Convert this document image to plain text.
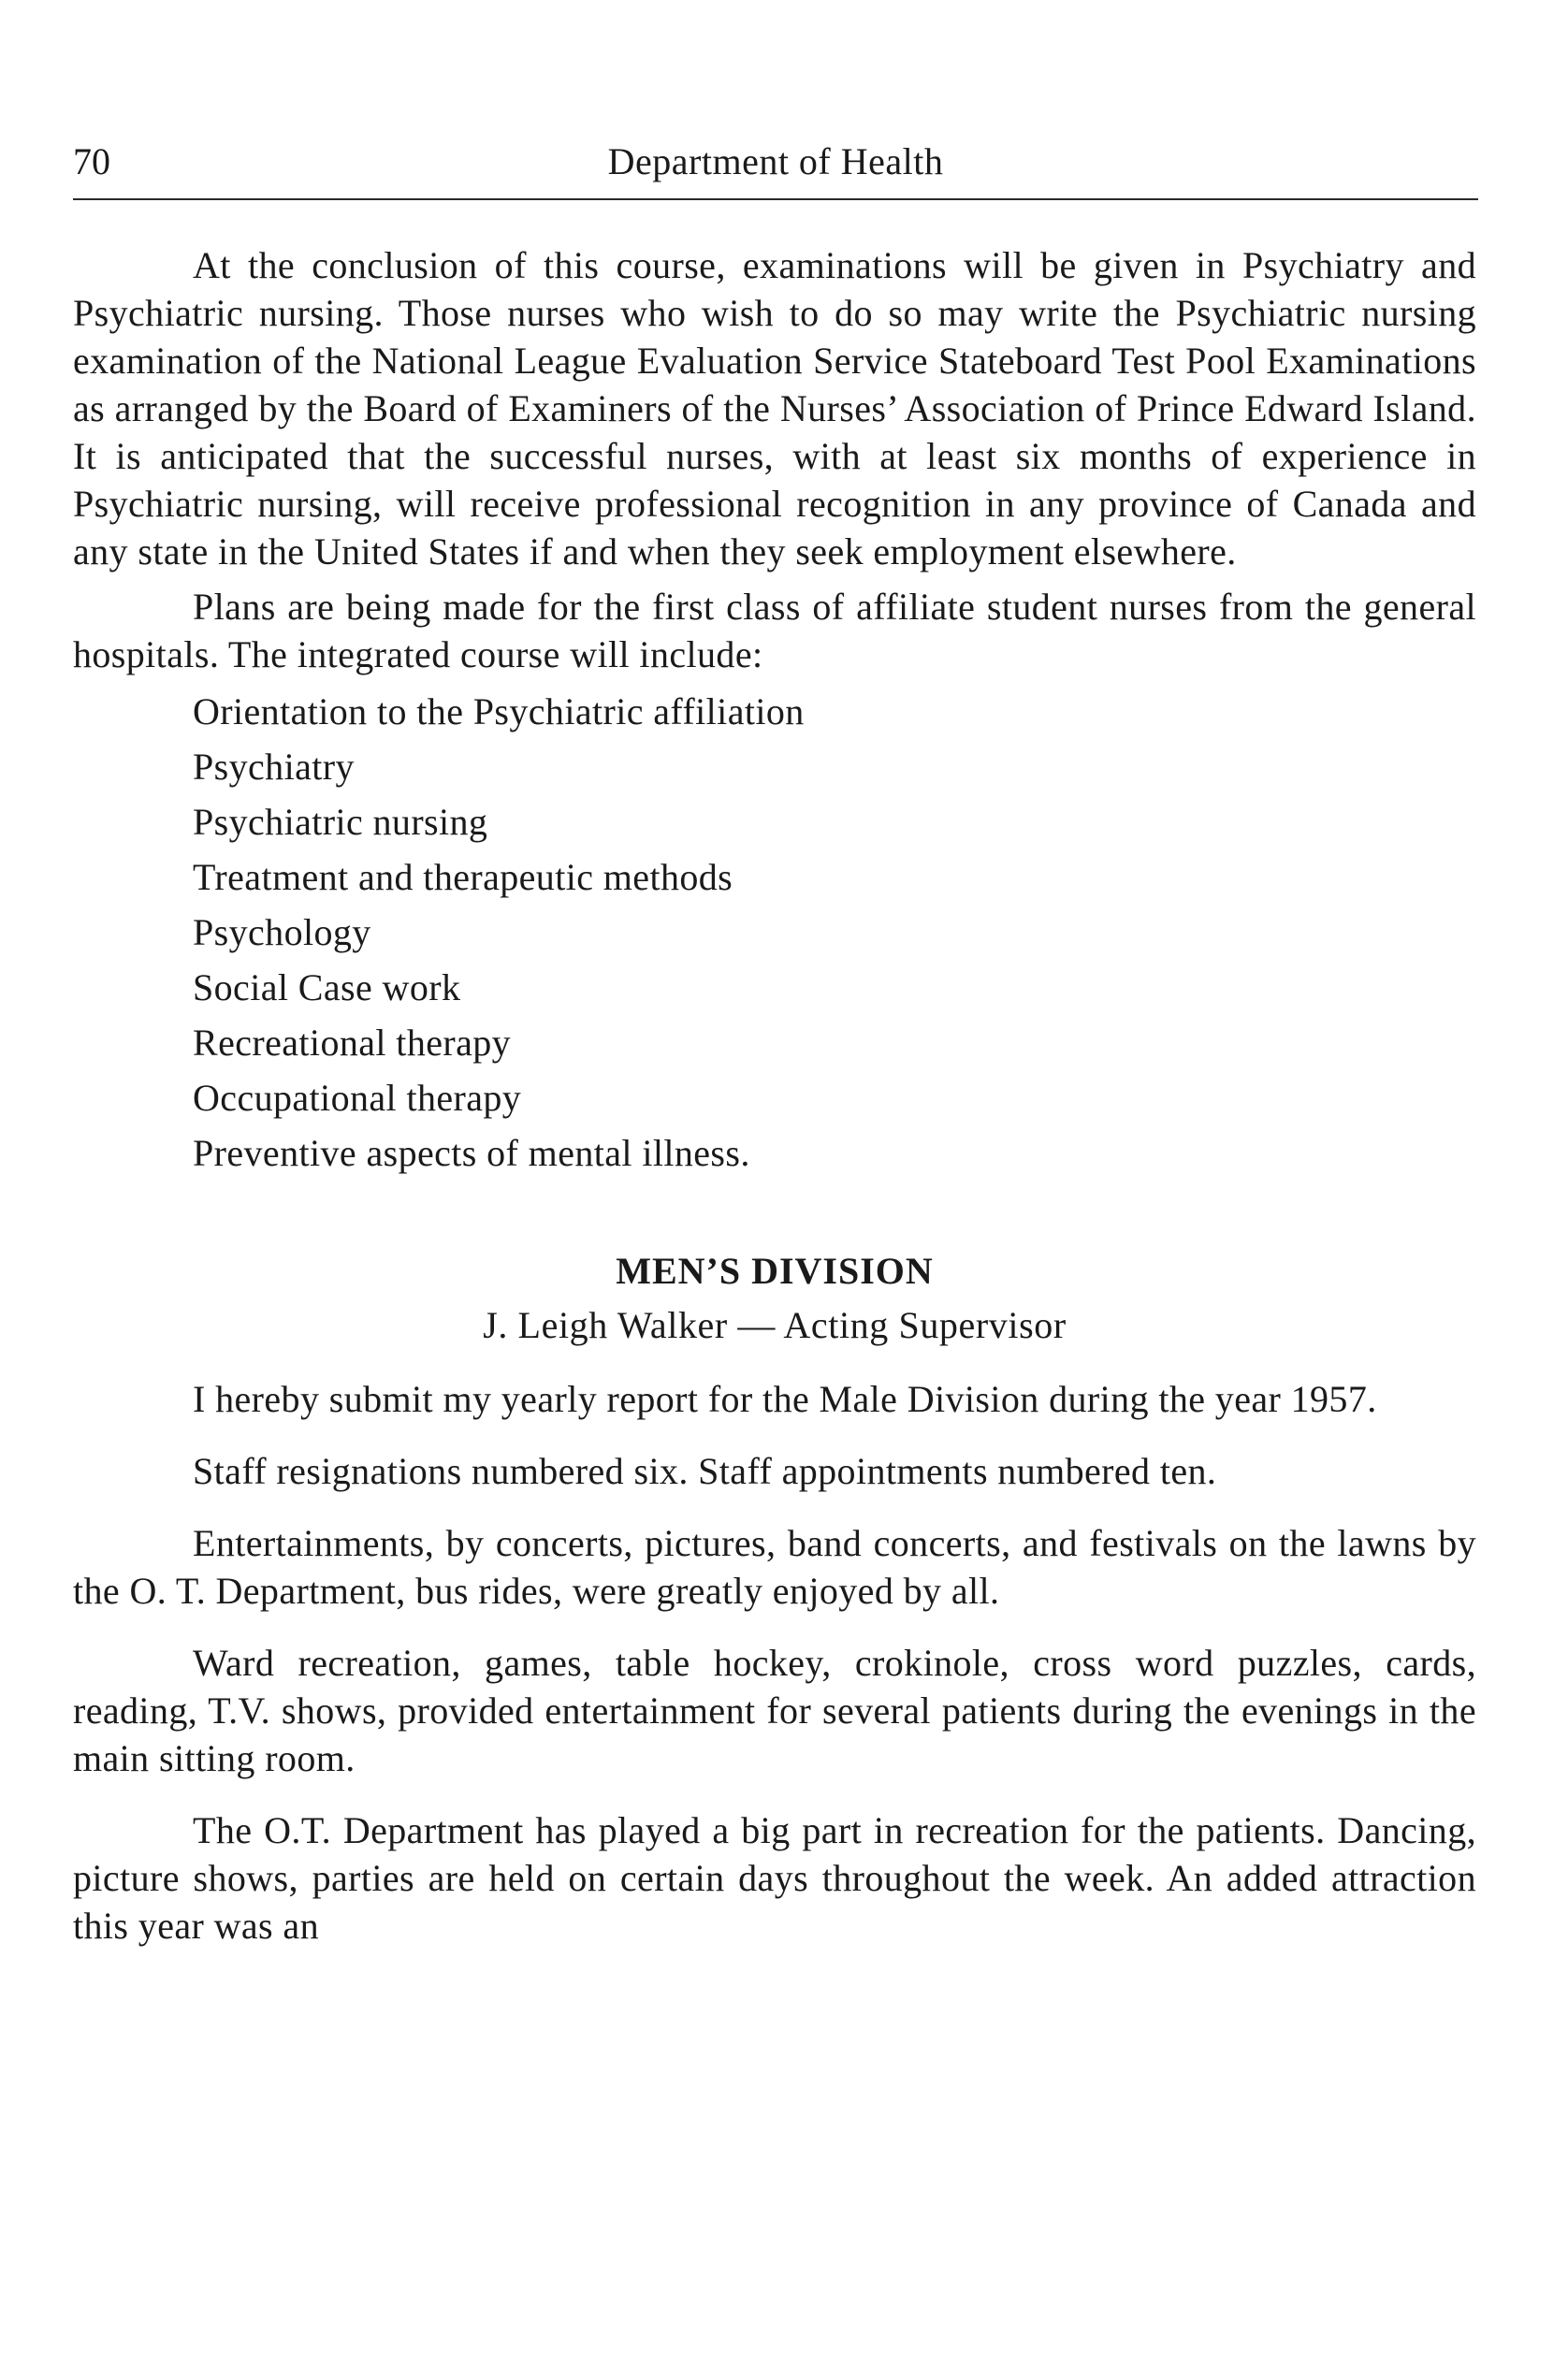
70	Department of Health

At the conclusion of this course, examinations will be given in Psychiatry and Psychiatric nursing. Those nurses who wish to do so may write the Psychiatric nursing examination of the National League Evaluation Service Stateboard Test Pool Examinations as arranged by the Board of Examiners of the Nurses’ Association of Prince Edward Island. It is anticipated that the successful nurses, with at least six months of experience in Psychiatric nursing, will receive professional recognition in any province of Canada and any state in the United States if and when they seek employment elsewhere.

Plans are being made for the first class of affiliate student nurses from the general hospitals. The integrated course will include:

Orientation to the Psychiatric affiliation
Psychiatry
Psychiatric nursing
Treatment and therapeutic methods
Psychology
Social Case work
Recreational therapy
Occupational therapy
Preventive aspects of mental illness.
MEN’S DIVISION
J. Leigh Walker — Acting Supervisor

I hereby submit my yearly report for the Male Division during the year 1957.

Staff resignations numbered six. Staff appointments numbered ten.

Entertainments, by concerts, pictures, band concerts, and festivals on the lawns by the O. T. Department, bus rides, were greatly enjoyed by all.

Ward recreation, games, table hockey, crokinole, cross word puzzles, cards, reading, T.V. shows, provided entertainment for several patients during the evenings in the main sitting room.

The O.T. Department has played a big part in recreation for the patients. Dancing, picture shows, parties are held on certain days throughout the week. An added attraction this year was an
